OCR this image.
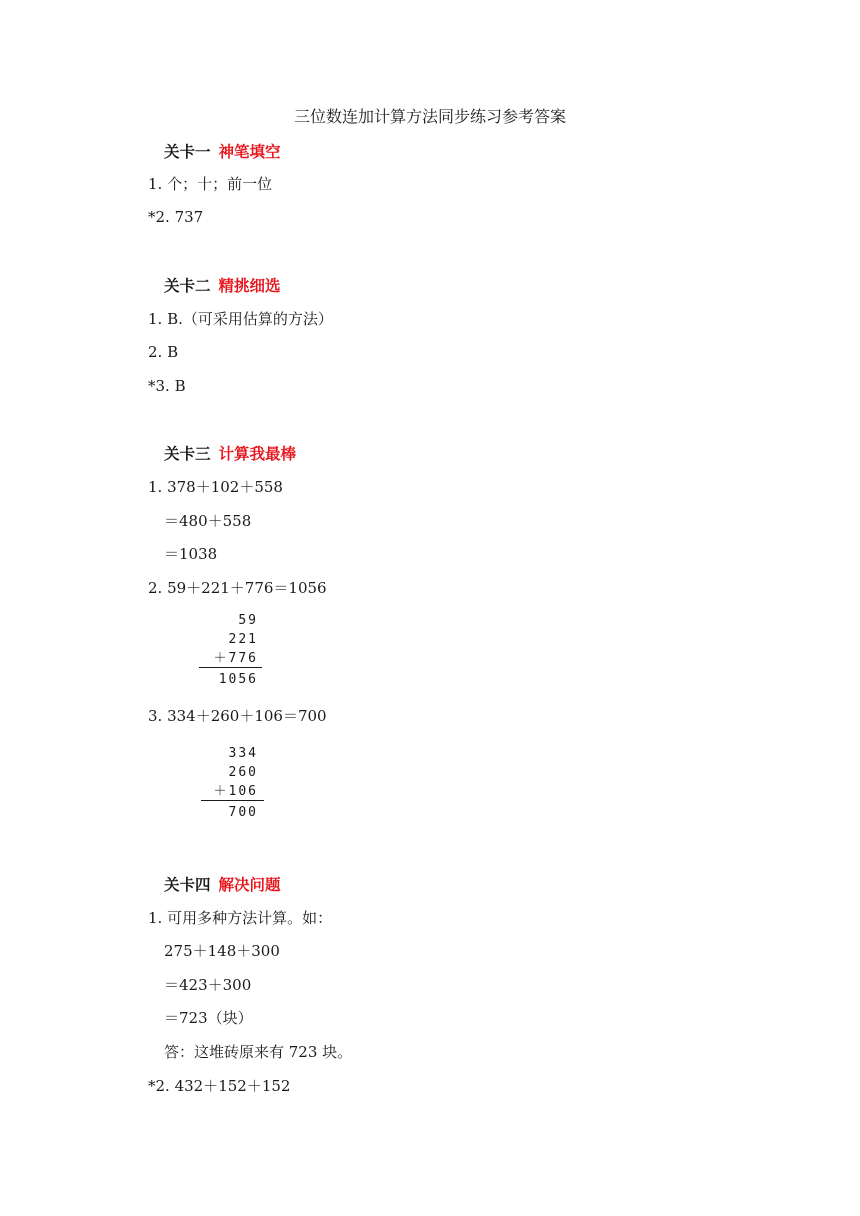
三位数连加计算方法同步练习参考答案
关卡一 神笔填空
1. 个；十；前一位
*2. 737
关卡二 精挑细选
1. B.（可采用估算的方法）
2. B
*3. B
关卡三 计算我最棒
1. 378＋102＋558
＝480＋558
＝1038
2. 59＋221＋776＝1056
59
221
＋776
1056
3. 334＋260＋106＝700
334
260
＋106
700
关卡四 解决问题
1. 可用多种方法计算。如：
275＋148＋300
＝423＋300
＝723（块）
答：这堆砖原来有 723 块。
*2. 432＋152＋152
